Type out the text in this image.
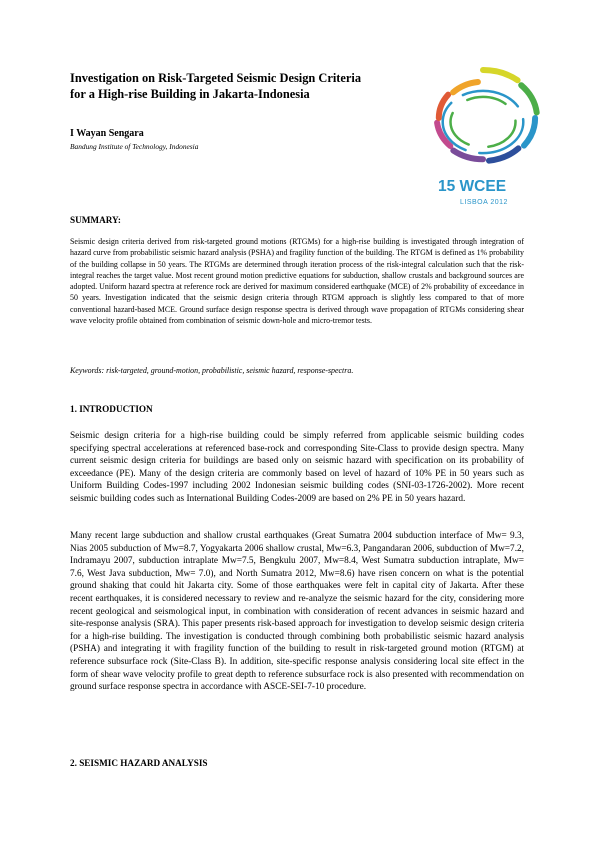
Investigation on Risk-Targeted Seismic Design Criteria
for a High-rise Building in Jakarta-Indonesia
I Wayan Sengara
Bandung Institute of Technology, Indonesia
15 WCEE
LISBOA 2012
SUMMARY:

Seismic design criteria derived from risk-targeted ground motions (RTGMs) for a high-rise building is investigated through integration of hazard curve from probabilistic seismic hazard analysis (PSHA) and fragility function of the building. The RTGM is defined as 1% probability of the building collapse in 50 years. The RTGMs are determined through iteration process of the risk-integral calculation such that the risk-integral reaches the target value. Most recent ground motion predictive equations for subduction, shallow crustals and background sources are adopted. Uniform hazard spectra at reference rock are derived for maximum considered earthquake (MCE) of 2% probability of exceedance in 50 years. Investigation indicated that the seismic design criteria through RTGM approach is slightly less compared to that of more conventional hazard-based MCE. Ground surface design response spectra is derived through wave propagation of RTGMs considering shear wave velocity profile obtained from combination of seismic down-hole and micro-tremor tests.

Keywords: risk-targeted, ground-motion, probabilistic, seismic hazard, response-spectra.

1. INTRODUCTION

Seismic design criteria for a high-rise building could be simply referred from applicable seismic building codes specifying spectral accelerations at referenced base-rock and corresponding Site-Class to provide design spectra. Many current seismic design criteria for buildings are based only on seismic hazard with specification on its probability of exceedance (PE). Many of the design criteria are commonly based on level of hazard of 10% PE in 50 years such as Uniform Building Codes-1997 including 2002 Indonesian seismic building codes (SNI-03-1726-2002). More recent seismic building codes such as International Building Codes-2009 are based on 2% PE in 50 years hazard.

Many recent large subduction and shallow crustal earthquakes (Great Sumatra 2004 subduction interface of Mw= 9.3, Nias 2005 subduction of Mw=8.7, Yogyakarta 2006 shallow crustal, Mw=6.3, Pangandaran 2006, subduction of Mw=7.2, Indramayu 2007, subduction intraplate Mw=7.5, Bengkulu 2007, Mw=8.4, West Sumatra subduction intraplate, Mw= 7.6, West Java subduction, Mw= 7.0), and North Sumatra 2012, Mw=8.6) have risen concern on what is the potential ground shaking that could hit Jakarta city. Some of those earthquakes were felt in capital city of Jakarta. After these recent earthquakes, it is considered necessary to review and re-analyze the seismic hazard for the city, considering more recent geological and seismological input, in combination with consideration of recent advances in seismic hazard and site-response analysis (SRA). This paper presents risk-based approach for investigation to develop seismic design criteria for a high-rise building. The investigation is conducted through combining both probabilistic seismic hazard analysis (PSHA) and integrating it with fragility function of the building to result in risk-targeted ground motion (RTGM) at reference subsurface rock (Site-Class B). In addition, site-specific response analysis considering local site effect in the form of shear wave velocity profile to great depth to reference subsurface rock is also presented with recommendation on ground surface response spectra in accordance with ASCE-SEI-7-10 procedure.

2. SEISMIC HAZARD ANALYSIS
